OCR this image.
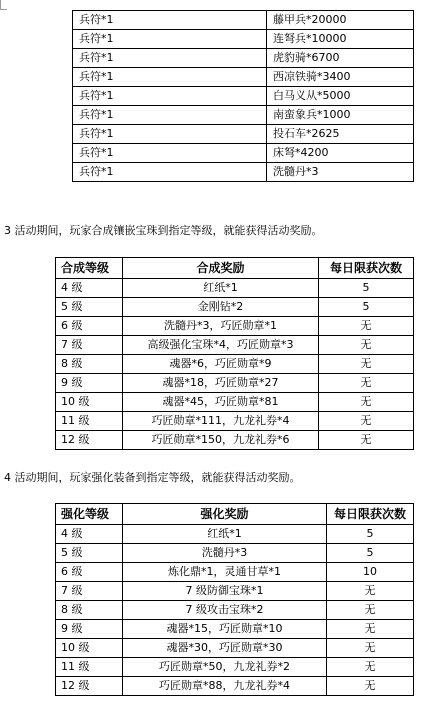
兵符*1	藤甲兵*20000
兵符*1	连弩兵*10000
兵符*1	虎豹骑*6700
兵符*1	西凉铁骑*3400
兵符*1	白马义从*5000
兵符*1	南蛮象兵*1000
兵符*1	投石车*2625
兵符*1	床弩*4200
兵符*1	洗髓丹*3
3 活动期间，玩家合成镶嵌宝珠到指定等级，就能获得活动奖励。
合成等级	合成奖励	每日限获次数
4 级	红纸*1	5
5 级	金刚钻*2	5
6 级	洗髓丹*3，巧匠勋章*1	无
7 级	高级强化宝珠*4，巧匠勋章*3	无
8 级	魂器*6，巧匠勋章*9	无
9 级	魂器*18，巧匠勋章*27	无
10 级	魂器*45，巧匠勋章*81	无
11 级	巧匠勋章*111，九龙礼券*4	无
12 级	巧匠勋章*150，九龙礼券*6	无
4 活动期间，玩家强化装备到指定等级，就能获得活动奖励。
强化等级	强化奖励	每日限获次数
4 级	红纸*1	5
5 级	洗髓丹*3	5
6 级	炼化鼎*1，灵通甘草*1	10
7 级	7 级防御宝珠*1	无
8 级	7 级攻击宝珠*2	无
9 级	魂器*15，巧匠勋章*10	无
10 级	魂器*30，巧匠勋章*30	无
11 级	巧匠勋章*50，九龙礼券*2	无
12 级	巧匠勋章*88，九龙礼券*4	无
